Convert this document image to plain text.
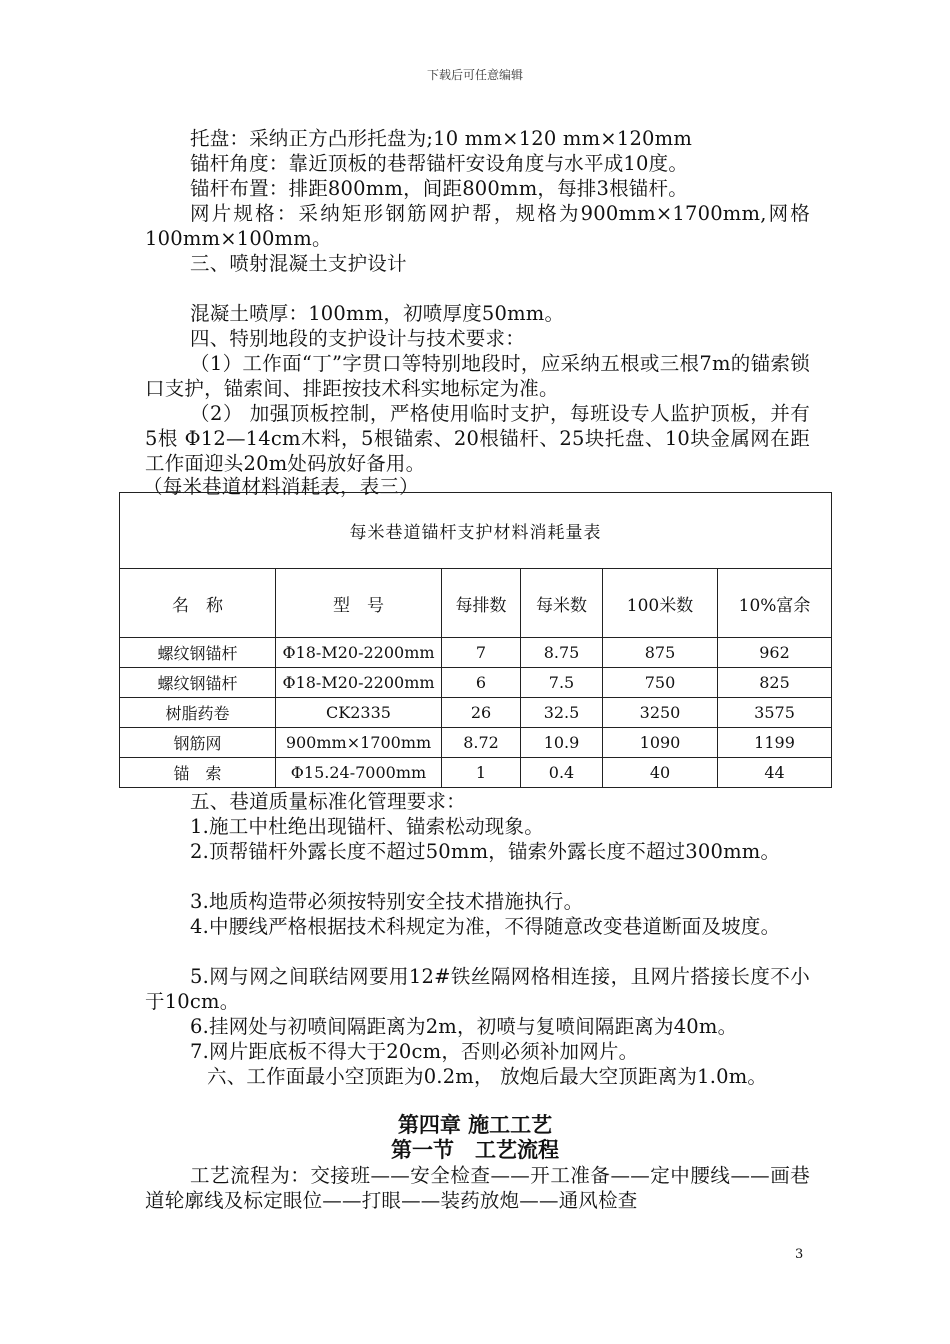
下载后可任意编辑
托盘：采纳正方凸形托盘为;10 mm×120 mm×120mm
锚杆角度：靠近顶板的巷帮锚杆安设角度与水平成10度。
锚杆布置：排距800mm，间距800mm，每排3根锚杆。
网片规格：采纳矩形钢筋网护帮，规格为900mm×1700mm,网格100mm×100mm。
三、喷射混凝土支护设计
混凝土喷厚：100mm，初喷厚度50mm。
四、特别地段的支护设计与技术要求：
（1）工作面“丁”字贯口等特别地段时，应采纳五根或三根7m的锚索锁口支护，锚索间、排距按技术科实地标定为准。
（2） 加强顶板控制，严格使用临时支护，每班设专人监护顶板，并有5根 Φ12—14cm木料，5根锚索、20根锚杆、25块托盘、10块金属网在距工作面迎头20m处码放好备用。
（每米巷道材料消耗表，表三）
每米巷道锚杆支护材料消耗量表					
名　称	型　号	每排数	每米数	100米数	10%富余
螺纹钢锚杆	Φ18-M20-2200mm	7	8.75	875	962
螺纹钢锚杆	Φ18-M20-2200mm	6	7.5	750	825
树脂药卷	CK2335	26	32.5	3250	3575
钢筋网	900mm×1700mm	8.72	10.9	1090	1199
锚　索	Φ15.24-7000mm	1	0.4	40	44
五、巷道质量标准化管理要求：
1.施工中杜绝出现锚杆、锚索松动现象。
2.顶帮锚杆外露长度不超过50mm，锚索外露长度不超过300mm。
3.地质构造带必须按特别安全技术措施执行。
4.中腰线严格根据技术科规定为准，不得随意改变巷道断面及坡度。
5.网与网之间联结网要用12#铁丝隔网格相连接，且网片搭接长度不小于10cm。
6.挂网处与初喷间隔距离为2m，初喷与复喷间隔距离为40m。
7.网片距底板不得大于20cm，否则必须补加网片。
六、工作面最小空顶距为0.2m， 放炮后最大空顶距离为1.0m。
第四章 施工工艺
第一节　工艺流程
工艺流程为：交接班——安全检查——开工准备——定中腰线——画巷道轮廓线及标定眼位——打眼——装药放炮——通风检查
3
